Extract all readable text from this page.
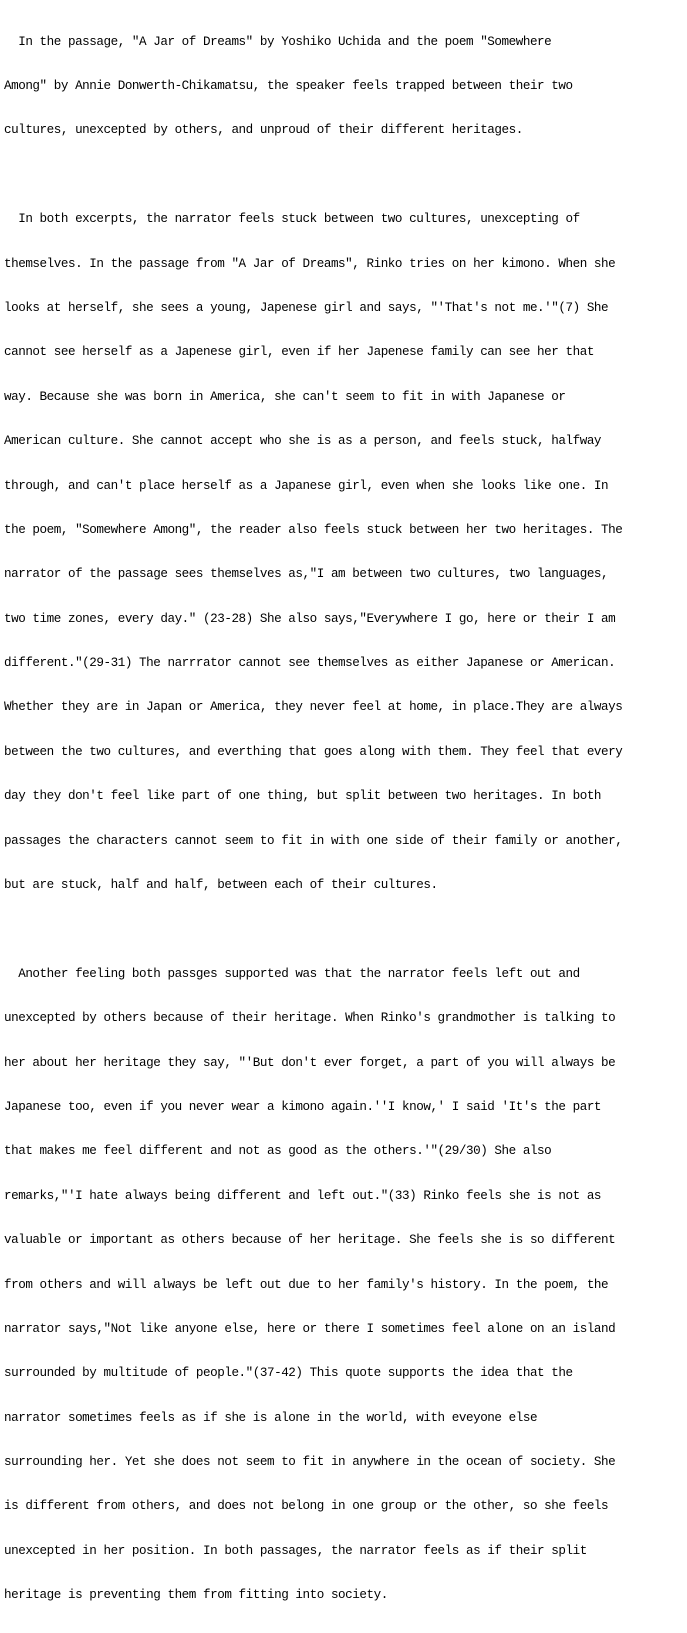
In the passage, "A Jar of Dreams" by Yoshiko Uchida and the poem "Somewhere

Among" by Annie Donwerth-Chikamatsu, the speaker feels trapped between their two

cultures, unexcepted by others, and unproud of their different heritages.

In both excerpts, the narrator feels stuck between two cultures, unexcepting of

themselves. In the passage from "A Jar of Dreams", Rinko tries on her kimono. When she

looks at herself, she sees a young, Japenese girl and says, "'That's not me.'"(7) She

cannot see herself as a Japenese girl, even if her Japenese family can see her that

way. Because she was born in America, she can't seem to fit in with Japanese or

American culture. She cannot accept who she is as a person, and feels stuck, halfway

through, and can't place herself as a Japanese girl, even when she looks like one. In

the poem, "Somewhere Among", the reader also feels stuck between her two heritages. The

narrator of the passage sees themselves as,"I am between two cultures, two languages,

two time zones, every day." (23-28) She also says,"Everywhere I go, here or their I am

different."(29-31) The narrrator cannot see themselves as either Japanese or American.

Whether they are in Japan or America, they never feel at home, in place.They are always

between the two cultures, and everthing that goes along with them. They feel that every

day they don't feel like part of one thing, but split between two heritages. In both

passages the characters cannot seem to fit in with one side of their family or another,

but are stuck, half and half, between each of their cultures.

Another feeling both passges supported was that the narrator feels left out and

unexcepted by others because of their heritage. When Rinko's grandmother is talking to

her about her heritage they say, "'But don't ever forget, a part of you will always be

Japanese too, even if you never wear a kimono again.''I know,' I said 'It's the part

that makes me feel different and not as good as the others.'"(29/30) She also

remarks,"'I hate always being different and left out."(33) Rinko feels she is not as

valuable or important as others because of her heritage. She feels she is so different

from others and will always be left out due to her family's history. In the poem, the

narrator says,"Not like anyone else, here or there I sometimes feel alone on an island

surrounded by multitude of people."(37-42) This quote supports the idea that the

narrator sometimes feels as if she is alone in the world, with eveyone else

surrounding her. Yet she does not seem to fit in anywhere in the ocean of society. She

is different from others, and does not belong in one group or the other, so she feels

unexcepted in her position. In both passages, the narrator feels as if their split

heritage is preventing them from fitting into society.
